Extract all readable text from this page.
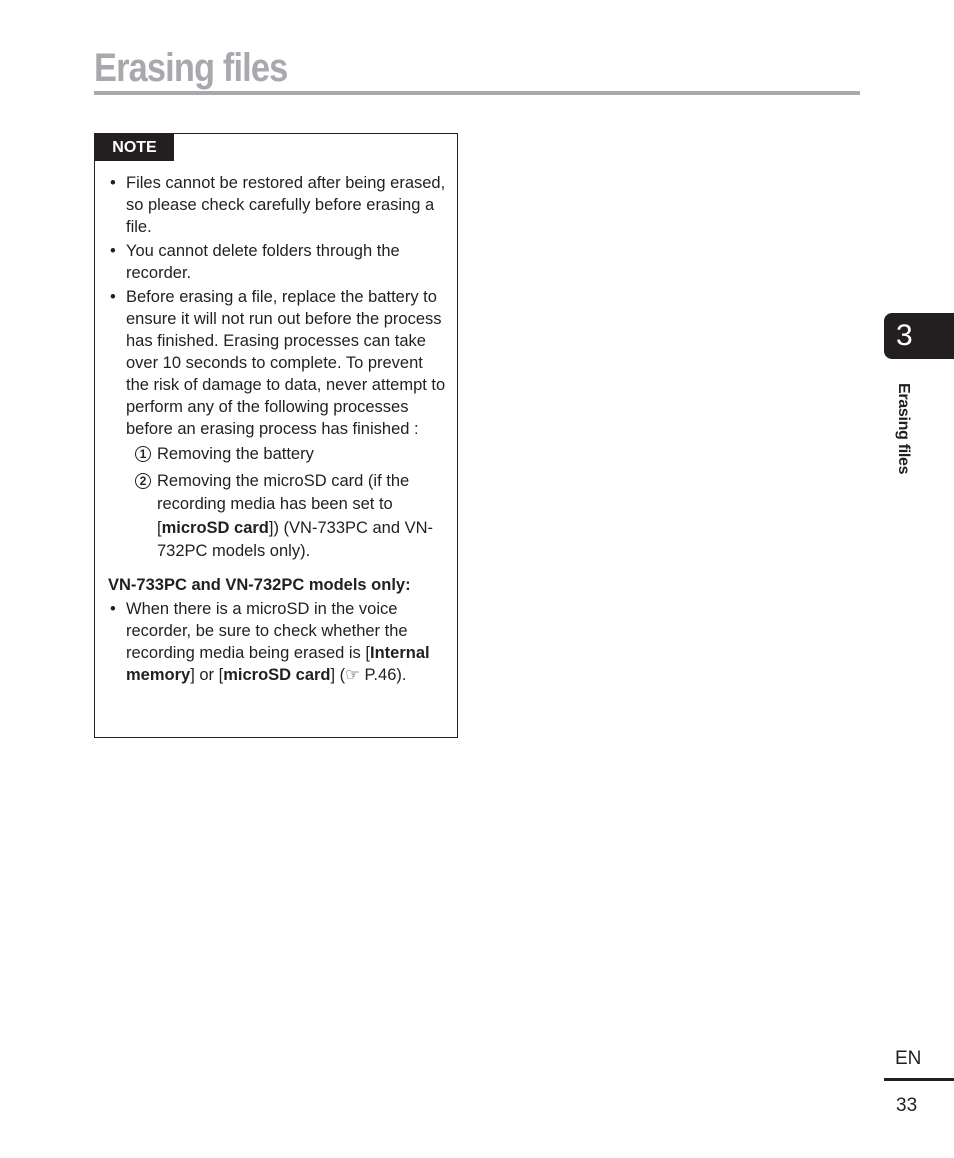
Erasing files
NOTE
• Files cannot be restored after being erased, so please check carefully before erasing a file.
• You cannot delete folders through the recorder.
• Before erasing a file, replace the battery to ensure it will not run out before the process has finished. Erasing processes can take over 10 seconds to complete. To prevent the risk of damage to data, never attempt to perform any of the following processes before an erasing process has finished :
1 Removing the battery
2 Removing the microSD card (if the recording media has been set to [microSD card]) (VN-733PC and VN-732PC models only).
VN-733PC and VN-732PC models only:
• When there is a microSD in the voice recorder, be sure to check whether the recording media being erased is [Internal memory] or [microSD card] (☞ P.46).
3
Erasing files
EN
33
